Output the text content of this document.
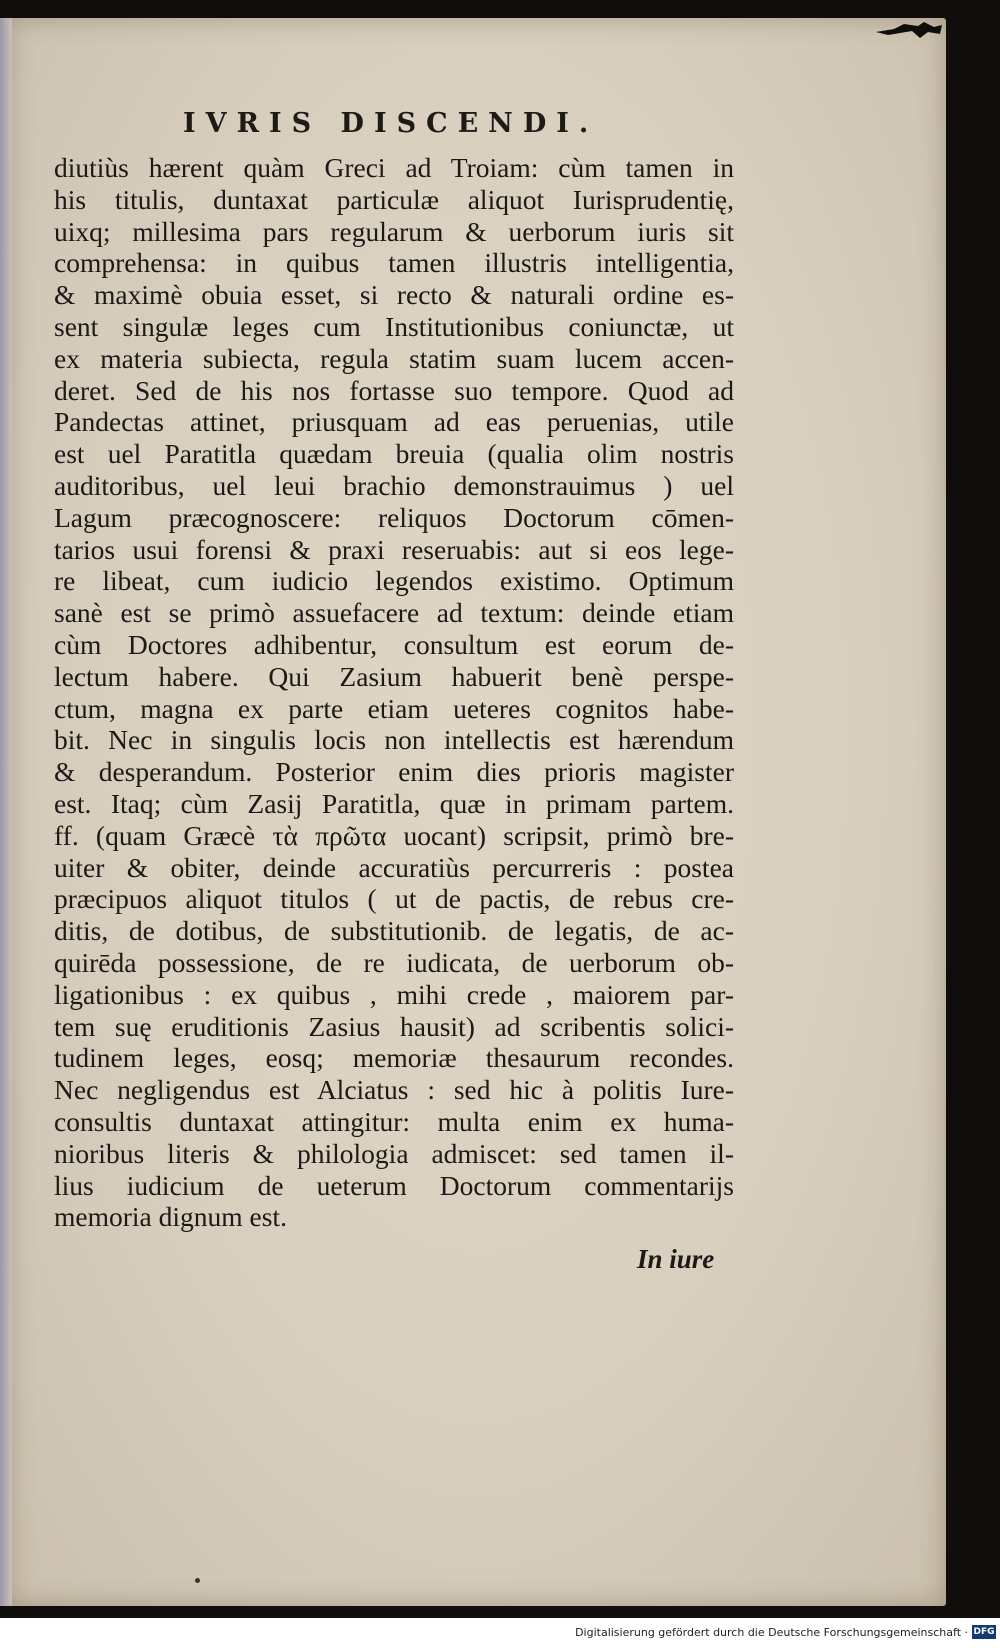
IVRIS DISCENDI.
diutiùs hærent quàm Greci ad Troiam: cùm tamen in
his titulis, duntaxat particulæ aliquot Iurisprudentię,
uixq; millesima pars regularum & uerborum iuris sit
comprehensa: in quibus tamen illustris intelligentia,
& maximè obuia esset, si recto & naturali ordine es-
sent singulæ leges cum Institutionibus coniunctæ, ut
ex materia subiecta, regula statim suam lucem accen-
deret. Sed de his nos fortasse suo tempore. Quod ad
Pandectas attinet, priusquam ad eas peruenias, utile
est uel Paratitla quædam breuia (qualia olim nostris
auditoribus, uel leui brachio demonstrauimus ) uel
Lagum præcognoscere: reliquos Doctorum cōmen-
tarios usui forensi & praxi reseruabis: aut si eos lege-
re libeat, cum iudicio legendos existimo. Optimum
sanè est se primò assuefacere ad textum: deinde etiam
cùm Doctores adhibentur, consultum est eorum de-
lectum habere. Qui Zasium habuerit benè perspe-
ctum, magna ex parte etiam ueteres cognitos habe-
bit. Nec in singulis locis non intellectis est hærendum
& desperandum. Posterior enim dies prioris magister
est. Itaq; cùm Zasij Paratitla, quæ in primam partem.
ff. (quam Græcè τὰ πρῶτα uocant) scripsit, primò bre-
uiter & obiter, deinde accuratiùs percurreris : postea
præcipuos aliquot titulos ( ut de pactis, de rebus cre-
ditis, de dotibus, de substitutionib. de legatis, de ac-
quirēda possessione, de re iudicata, de uerborum ob-
ligationibus : ex quibus , mihi crede , maiorem par-
tem suę eruditionis Zasius hausit) ad scribentis solici-
tudinem leges, eosq; memoriæ thesaurum recondes.
Nec negligendus est Alciatus : sed hic à politis Iure-
consultis duntaxat attingitur: multa enim ex huma-
nioribus literis & philologia admiscet: sed tamen il-
lius iudicium de ueterum Doctorum commentarijs
memoria dignum est.
In iure
Digitalisierung gefördert durch die Deutsche Forschungsgemeinschaft · DFG
